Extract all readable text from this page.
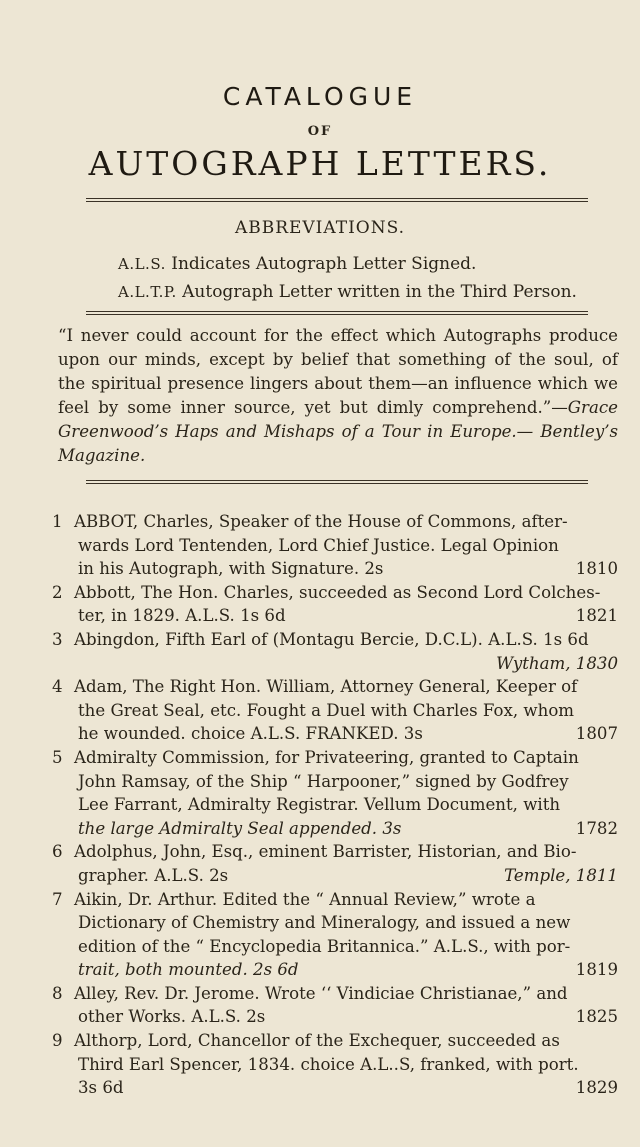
CATALOGUE
OF
AUTOGRAPH LETTERS.
ABBREVIATIONS.
A.L.S. Indicates Autograph Letter Signed.
A.L.T.P. Autograph Letter written in the Third Person.
“I never could account for the effect which Autographs produce upon our minds, except by belief that something of the soul, of the spiritual presence lingers about them—an influence which we feel by some inner source, yet but dimly comprehend.”—Grace Greenwood’s Haps and Mishaps of a Tour in Europe.— Bentley’s Magazine.
1 ABBOT, Charles, Speaker of the House of Commons, after-
wards Lord Tentenden, Lord Chief Justice. Legal Opinion
in his Autograph, with Signature. 2s	1810
2 Abbott, The Hon. Charles, succeeded as Second Lord Colches-
ter, in 1829. A.L.S. 1s 6d	1821
3 Abingdon, Fifth Earl of (Montagu Bercie, D.C.L). A.L.S. 1s 6d
Wytham, 1830
4 Adam, The Right Hon. William, Attorney General, Keeper of
the Great Seal, etc. Fought a Duel with Charles Fox, whom
he wounded. choice A.L.S. FRANKED. 3s	1807
5 Admiralty Commission, for Privateering, granted to Captain
John Ramsay, of the Ship “ Harpooner,” signed by Godfrey
Lee Farrant, Admiralty Registrar. Vellum Document, with
the large Admiralty Seal appended. 3s	1782
6 Adolphus, John, Esq., eminent Barrister, Historian, and Bio-
grapher. A.L.S. 2s	Temple, 1811
7 Aikin, Dr. Arthur. Edited the “ Annual Review,” wrote a
Dictionary of Chemistry and Mineralogy, and issued a new
edition of the “ Encyclopedia Britannica.” A.L.S., with por-
trait, both mounted. 2s 6d	1819
8 Alley, Rev. Dr. Jerome. Wrote ‘‘ Vindiciae Christianae,” and
other Works. A.L.S. 2s	1825
9 Althorp, Lord, Chancellor of the Exchequer, succeeded as
Third Earl Spencer, 1834. choice A.L..S, franked, with port.
3s 6d	1829
